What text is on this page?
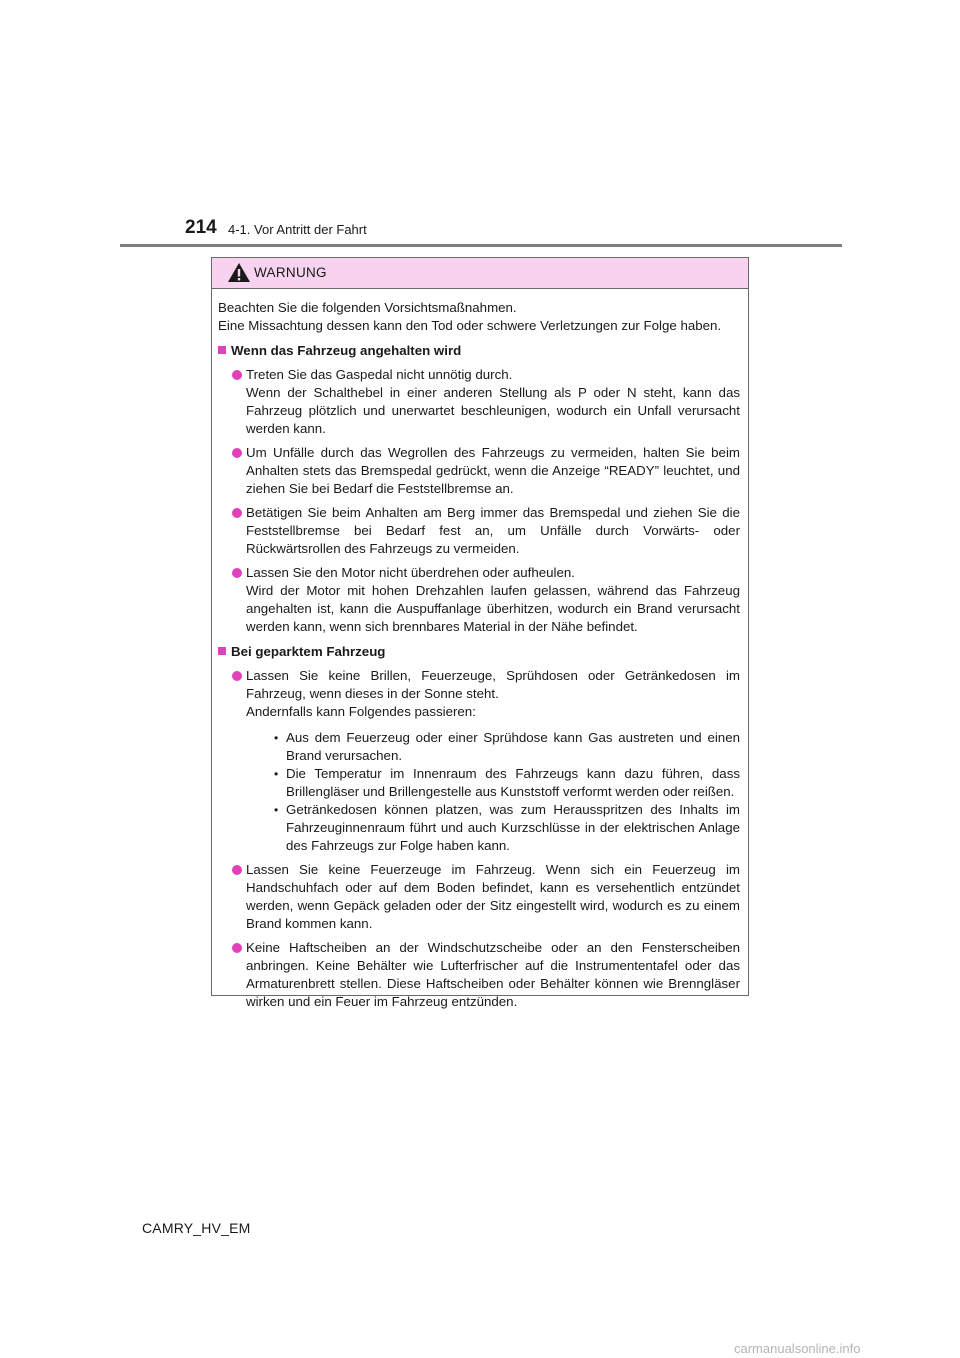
214 4-1. Vor Antritt der Fahrt
WARNUNG

Beachten Sie die folgenden Vorsichtsmaßnahmen.

Eine Missachtung dessen kann den Tod oder schwere Verletzungen zur Folge haben.

Wenn das Fahrzeug angehalten wird

Treten Sie das Gaspedal nicht unnötig durch.

Wenn der Schalthebel in einer anderen Stellung als P oder N steht, kann das Fahrzeug plötzlich und unerwartet beschleunigen, wodurch ein Unfall verursacht werden kann.

Um Unfälle durch das Wegrollen des Fahrzeugs zu vermeiden, halten Sie beim Anhalten stets das Bremspedal gedrückt, wenn die Anzeige “READY” leuchtet, und ziehen Sie bei Bedarf die Feststellbremse an.

Betätigen Sie beim Anhalten am Berg immer das Bremspedal und ziehen Sie die Feststellbremse bei Bedarf fest an, um Unfälle durch Vorwärts- oder Rückwärtsrollen des Fahrzeugs zu vermeiden.

Lassen Sie den Motor nicht überdrehen oder aufheulen.

Wird der Motor mit hohen Drehzahlen laufen gelassen, während das Fahrzeug angehalten ist, kann die Auspuffanlage überhitzen, wodurch ein Brand verursacht werden kann, wenn sich brennbares Material in der Nähe befindet.

Bei geparktem Fahrzeug

Lassen Sie keine Brillen, Feuerzeuge, Sprühdosen oder Getränkedosen im Fahrzeug, wenn dieses in der Sonne steht.

Andernfalls kann Folgendes passieren:

• Aus dem Feuerzeug oder einer Sprühdose kann Gas austreten und einen Brand verursachen.
• Die Temperatur im Innenraum des Fahrzeugs kann dazu führen, dass Brillengläser und Brillengestelle aus Kunststoff verformt werden oder reißen.
• Getränkedosen können platzen, was zum Herausspritzen des Inhalts im Fahrzeuginnenraum führt und auch Kurzschlüsse in der elektrischen Anlage des Fahrzeugs zur Folge haben kann.

Lassen Sie keine Feuerzeuge im Fahrzeug. Wenn sich ein Feuerzeug im Handschuhfach oder auf dem Boden befindet, kann es versehentlich entzündet werden, wenn Gepäck geladen oder der Sitz eingestellt wird, wodurch es zu einem Brand kommen kann.

Keine Haftscheiben an der Windschutzscheibe oder an den Fensterscheiben anbringen. Keine Behälter wie Lufterfrischer auf die Instrumententafel oder das Armaturenbrett stellen. Diese Haftscheiben oder Behälter können wie Brenngläser wirken und ein Feuer im Fahrzeug entzünden.

CAMRY_HV_EM
carmanualsonline.info
